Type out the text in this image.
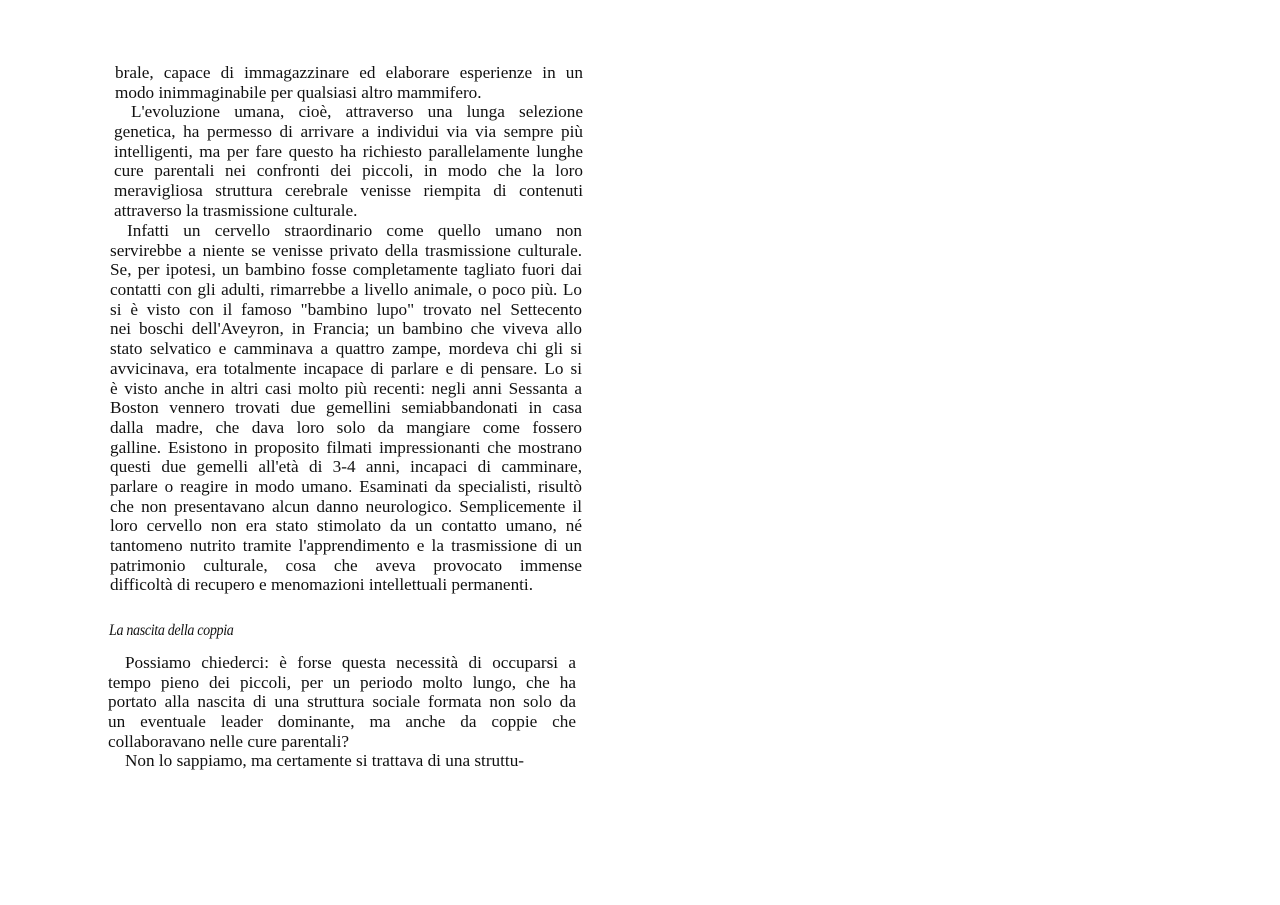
brale, capace di immagazzinare ed elaborare esperienze in un
modo inimmaginabile per qualsiasi altro mammifero.
L'evoluzione umana, cioè, attraverso una lunga selezione
genetica, ha permesso di arrivare a individui via via sempre più
intelligenti, ma per fare questo ha richiesto parallelamente lunghe
cure parentali nei confronti dei piccoli, in modo che la loro
meravigliosa struttura cerebrale venisse riempita di contenuti
attraverso la trasmissione culturale.
Infatti un cervello straordinario come quello umano non
servirebbe a niente se venisse privato della trasmissione culturale.
Se, per ipotesi, un bambino fosse completamente tagliato fuori dai
contatti con gli adulti, rimarrebbe a livello animale, o poco più. Lo
si è visto con il famoso "bambino lupo" trovato nel Settecento
nei boschi dell'Aveyron, in Francia; un bambino che viveva allo
stato selvatico e camminava a quattro zampe, mordeva chi gli si
avvicinava, era totalmente incapace di parlare e di pensare. Lo si
è visto anche in altri casi molto più recenti: negli anni Sessanta a
Boston vennero trovati due gemellini semiabbandonati in casa
dalla madre, che dava loro solo da mangiare come fossero
galline. Esistono in proposito filmati impressionanti che mostrano
questi due gemelli all'età di 3-4 anni, incapaci di camminare,
parlare o reagire in modo umano. Esaminati da specialisti, risultò
che non presentavano alcun danno neurologico. Semplicemente il
loro cervello non era stato stimolato da un contatto umano, né
tantomeno nutrito tramite l'apprendimento e la trasmissione di un
patrimonio culturale, cosa che aveva provocato immense
difficoltà di recupero e menomazioni intellettuali permanenti.
La nascita della coppia
Possiamo chiederci: è forse questa necessità di occuparsi a
tempo pieno dei piccoli, per un periodo molto lungo, che ha
portato alla nascita di una struttura sociale formata non solo da
un eventuale leader dominante, ma anche da coppie che
collaboravano nelle cure parentali?
Non lo sappiamo, ma certamente si trattava di una struttu-
